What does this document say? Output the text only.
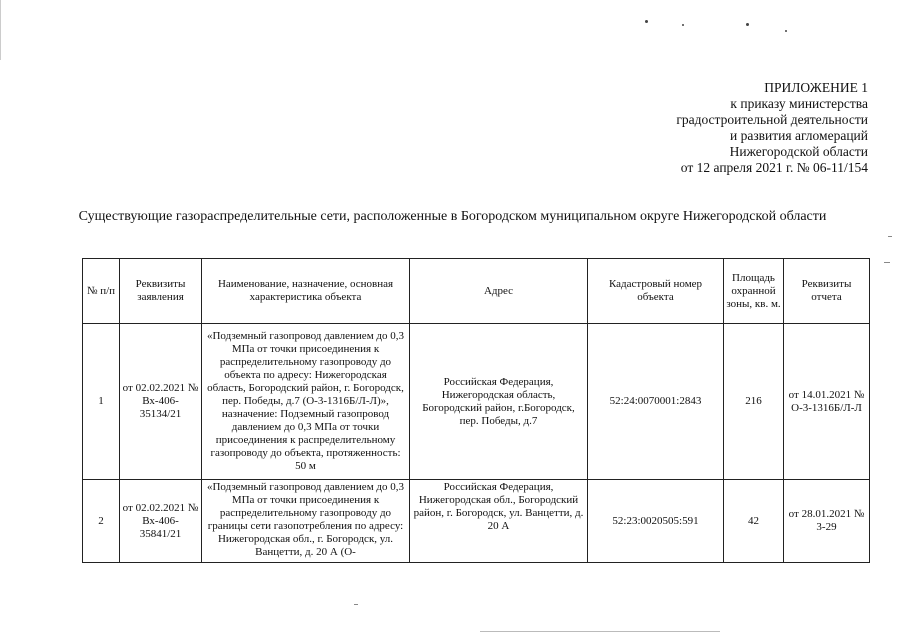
ПРИЛОЖЕНИЕ 1
к приказу министерства
градостроительной деятельности
и развития агломераций
Нижегородской области
от 12 апреля 2021 г. № 06-11/154
Существующие газораспределительные сети, расположенные в Богородском муниципальном округе Нижегородской области
№ п/п	Реквизиты заявления	Наименование, назначение, основная характеристика объекта	Адрес	Кадастровый номер объекта	Площадь охранной зоны, кв. м.	Реквизиты отчета
1	от 02.02.2021 № Вх-406-35134/21	«Подземный газопровод давлением до 0,3 МПа от точки присоединения к распределительному газопроводу до объекта по адресу: Нижегородская область, Богородский район, г. Богородск, пер. Победы, д.7 (О-3-1316Б/Л-Л)», назначение: Подземный газопровод давлением до 0,3 МПа от точки присоединения к распределительному газопроводу до объекта, протяженность: 50 м	Российская Федерация, Нижегородская область, Богородский район, г.Богородск, пер. Победы, д.7	52:24:0070001:2843	216	от 14.01.2021 № О-3-1316Б/Л-Л
2	от 02.02.2021 № Вх-406-35841/21	«Подземный газопровод давлением до 0,3 МПа от точки присоединения к распределительному газопроводу до границы сети газопотребления по адресу: Нижегородская обл., г. Богородск, ул. Ванцетти, д. 20 А (О-	Российская Федерация, Нижегородская обл., Богородский район, г. Богородск, ул. Ванцетти, д. 20 А	52:23:0020505:591	42	от 28.01.2021 № 3-29
